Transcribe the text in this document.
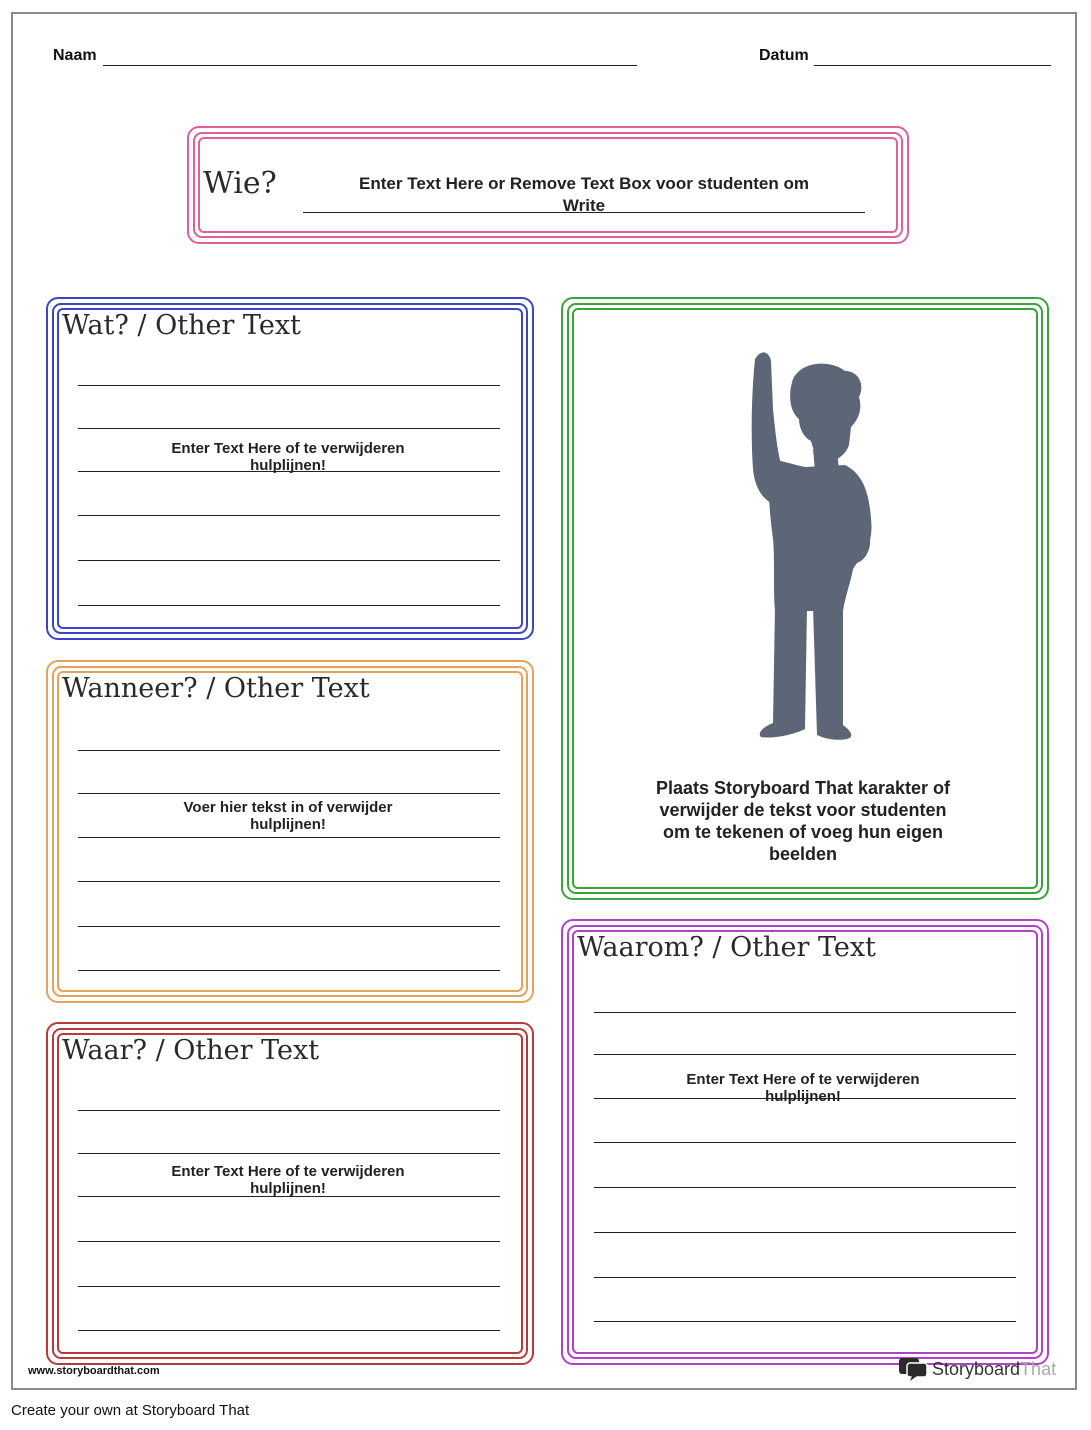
Naam	Datum
Wie?	Enter Text Here or Remove Text Box voor studenten om Write
Wat? / Other Text
Enter Text Here of te verwijderen hulplijnen!
Wanneer? / Other Text
Voer hier tekst in of verwijder hulplijnen!
Waar? / Other Text
Enter Text Here of te verwijderen hulplijnen!
Plaats Storyboard That karakter of verwijder de tekst voor studenten om te tekenen of voeg hun eigen beelden
Waarom? / Other Text
Enter Text Here of te verwijderen hulplijnen!
www.storyboardthat.com	Storyboard That
Create your own at Storyboard That
